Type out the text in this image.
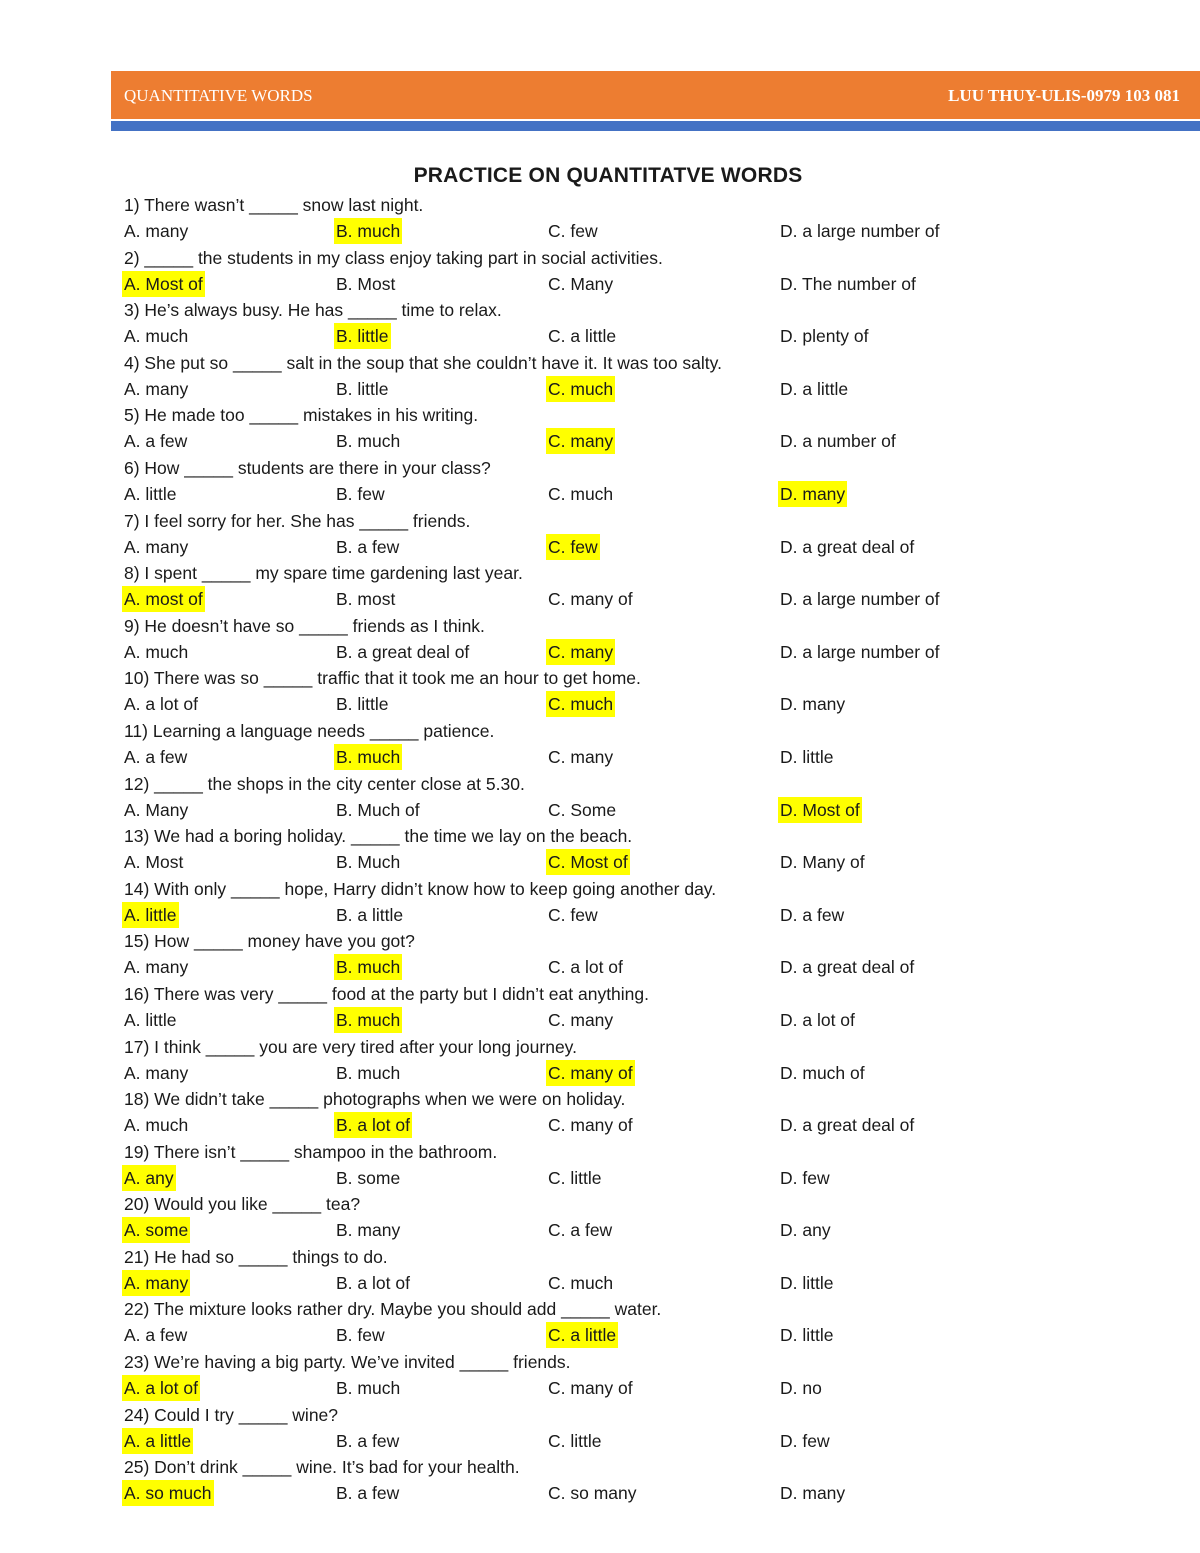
QUANTITATIVE WORDS	LUU THUY-ULIS-0979 103 081
PRACTICE ON QUANTITATVE WORDS
1) There wasn’t _____ snow last night.
A. many	B. much	C. few	D. a large number of
2) _____ the students in my class enjoy taking part in social activities.
A. Most of	B. Most	C. Many	D. The number of
3) He’s always busy. He has _____ time to relax.
A. much	B. little	C. a little	D. plenty of
4) She put so _____ salt in the soup that she couldn’t have it. It was too salty.
A. many	B. little	C. much	D. a little
5) He made too _____ mistakes in his writing.
A. a few	B. much	C. many	D. a number of
6) How _____ students are there in your class?
A. little	B. few	C. much	D. many
7) I feel sorry for her. She has _____ friends.
A. many	B. a few	C. few	D. a great deal of
8) I spent _____ my spare time gardening last year.
A. most of	B. most	C. many of	D. a large number of
9) He doesn’t have so _____ friends as I think.
A. much	B. a great deal of	C. many	D. a large number of
10) There was so _____ traffic that it took me an hour to get home.
A. a lot of	B. little	C. much	D. many
11) Learning a language needs _____ patience.
A. a few	B. much	C. many	D. little
12) _____ the shops in the city center close at 5.30.
A. Many	B. Much of	C. Some	D. Most of
13) We had a boring holiday. _____ the time we lay on the beach.
A. Most	B. Much	C. Most of	D. Many of
14) With only _____ hope, Harry didn’t know how to keep going another day.
A. little	B. a little	C. few	D. a few
15) How _____ money have you got?
A. many	B. much	C. a lot of	D. a great deal of
16) There was very _____ food at the party but I didn’t eat anything.
A. little	B. much	C. many	D. a lot of
17) I think _____ you are very tired after your long journey.
A. many	B. much	C. many of	D. much of
18) We didn’t take _____ photographs when we were on holiday.
A. much	B. a lot of	C. many of	D. a great deal of
19) There isn’t _____ shampoo in the bathroom.
A. any	B. some	C. little	D. few
20) Would you like _____ tea?
A. some	B. many	C. a few	D. any
21) He had so _____ things to do.
A. many	B. a lot of	C. much	D. little
22) The mixture looks rather dry. Maybe you should add _____ water.
A. a few	B. few	C. a little	D. little
23) We’re having a big party. We’ve invited _____ friends.
A. a lot of	B. much	C. many of	D. no
24) Could I try _____ wine?
A. a little	B. a few	C. little	D. few
25) Don’t drink _____ wine. It’s bad for your health.
A. so much	B. a few	C. so many	D. many
